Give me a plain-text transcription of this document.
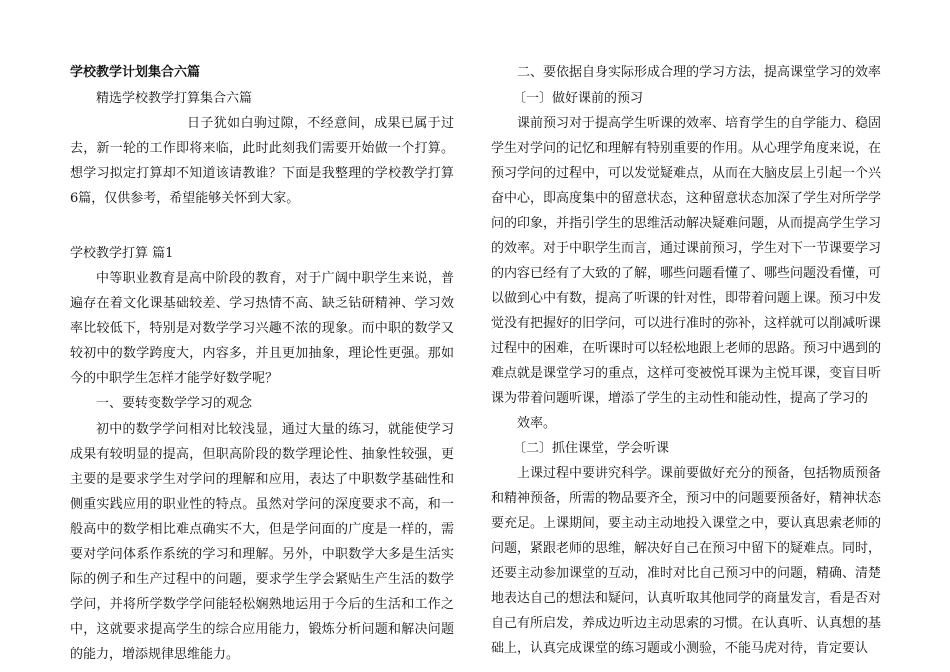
学校教学计划集合六篇

精选学校教学打算集合六篇

日子犹如白驹过隙，不经意间，成果已属于过去，新一轮的工作即将来临，此时此刻我们需要开始做一个打算。想学习拟定打算却不知道该请教谁？下面是我整理的学校教学打算6篇，仅供参考，希望能够关怀到大家。

学校教学打算 篇1

中等职业教育是高中阶段的教育，对于广阔中职学生来说，普遍存在着文化课基础较差、学习热情不高、缺乏钻研精神、学习效率比较低下，特别是对数学学习兴趣不浓的现象。而中职的数学又较初中的数学跨度大，内容多，并且更加抽象，理论性更强。那如今的中职学生怎样才能学好数学呢？

一、要转变数学学习的观念

初中的数学学问相对比较浅显，通过大量的练习，就能使学习成果有较明显的提高，但职高阶段的数学理论性、抽象性较强，更主要的是要求学生对学问的理解和应用，表达了中职数学基础性和侧重实践应用的职业性的特点。虽然对学问的深度要求不高，和一般高中的数学相比难点确实不大，但是学问面的广度是一样的，需要对学问体系作系统的学习和理解。另外，中职数学大多是生活实际的例子和生产过程中的问题，要求学生学会紧贴生产生活的数学学问，并将所学数学学问能轻松娴熟地运用于今后的生活和工作之中，这就要求提高学生的综合应用能力，锻炼分析问题和解决问题的能力，增添规律思维能力。

二、要依据自身实际形成合理的学习方法，提高课堂学习的效率

〔一〕做好课前的预习

课前预习对于提高学生听课的效率、培育学生的自学能力、稳固学生对学问的记忆和理解有特别重要的作用。从心理学角度来说，在预习学问的过程中，可以发觉疑难点，从而在大脑皮层上引起一个兴奋中心，即高度集中的留意状态，这种留意状态加深了学生对所学学问的印象，并指引学生的思维活动解决疑难问题，从而提高学生学习的效率。对于中职学生而言，通过课前预习，学生对下一节课要学习的内容已经有了大致的了解，哪些问题看懂了、哪些问题没看懂，可以做到心中有数，提高了听课的针对性，即带着问题上课。预习中发觉没有把握好的旧学问，可以进行准时的弥补，这样就可以削减听课过程中的困难，在听课时可以轻松地跟上老师的思路。预习中遇到的难点就是课堂学习的重点，这样可变被悦耳课为主悦耳课，变盲目听课为带着问题听课，增添了学生的主动性和能动性，提高了学习的

效率。

〔二〕抓住课堂，学会听课

上课过程中要讲究科学。课前要做好充分的预备，包括物质预备和精神预备，所需的物品要齐全，预习中的问题要预备好，精神状态要充足。上课期间，要主动主动地投入课堂之中，要认真思索老师的问题，紧跟老师的思维，解决好自己在预习中留下的疑难点。同时，还要主动参加课堂的互动，准时对比自己预习中的问题，精确、清楚地表达自己的想法和疑问，认真听取其他同学的商量发言，看是否对自己有所启发，养成边听边主动思索的习惯。在认真听、认真想的基础上，认真完成课堂的练习题或小测验，不能马虎对待，肯定要认
